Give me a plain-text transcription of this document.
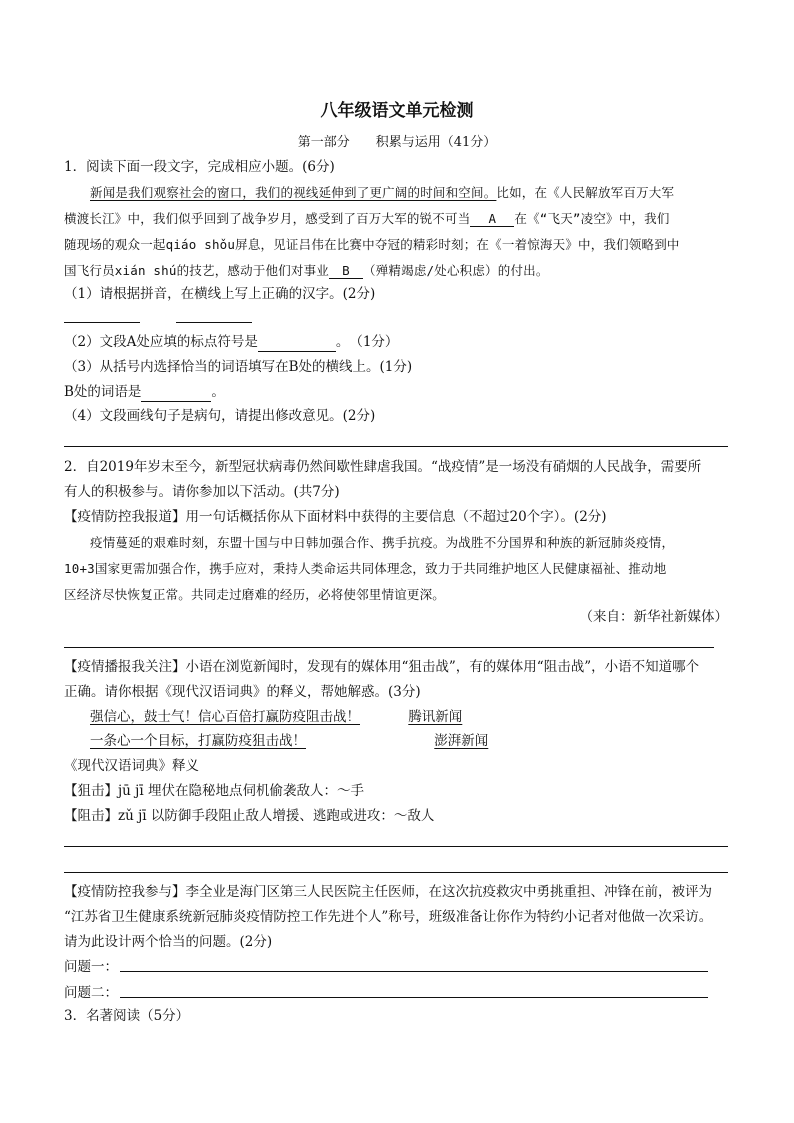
八年级语文单元检测
第一部分　　积累与运用（41分）
1．阅读下面一段文字，完成相应小题。(6分)
新闻是我们观察社会的窗口，我们的视线延伸到了更广阔的时间和空间。比如，在《人民解放军百万大军
横渡长江》中，我们似乎回到了战争岁月，感受到了百万大军的锐不可当 A 在《“飞天”凌空》中，我们
随现场的观众一起qiáo shǒu屏息，见证吕伟在比赛中夺冠的精彩时刻；在《一着惊海天》中，我们领略到中
国飞行员xián shú的技艺，感动于他们对事业 B （殚精竭虑/处心积虑）的付出。
（1）请根据拼音，在横线上写上正确的汉字。(2分)
（2）文段A处应填的标点符号是	。　（1分）
（3）从括号内选择恰当的词语填写在B处的横线上。(1分)
B处的词语是	。
（4）文段画线句子是病句，请提出修改意见。(2分)
2．自2019年岁末至今，新型冠状病毒仍然间歇性肆虐我国。“战疫情”是一场没有硝烟的人民战争，需要所
有人的积极参与。请你参加以下活动。(共7分)
【疫情防控我报道】用一句话概括你从下面材料中获得的主要信息（不超过20个字）。(2分)
疫情蔓延的艰难时刻，东盟十国与中日韩加强合作、携手抗疫。为战胜不分国界和种族的新冠肺炎疫情，
10+3国家更需加强合作，携手应对，秉持人类命运共同体理念，致力于共同维护地区人民健康福祉、推动地
区经济尽快恢复正常。共同走过磨难的经历，必将使邻里情谊更深。
（来自：新华社新媒体）
【疫情播报我关注】小语在浏览新闻时，发现有的媒体用“狙击战”，有的媒体用“阻击战”，小语不知道哪个
正确。请你根据《现代汉语词典》的释义，帮她解惑。(3分)
强信心，鼓士气！信心百倍打赢防疫阻击战！	腾讯新闻
一条心一个目标，打赢防疫狙击战！	澎湃新闻
《现代汉语词典》释义
【狙击】jū jī 埋伏在隐秘地点伺机偷袭敌人：～手
【阻击】zǔ jī 以防御手段阻止敌人增援、逃跑或进攻：～敌人
【疫情防控我参与】李全业是海门区第三人民医院主任医师，在这次抗疫救灾中勇挑重担、冲锋在前，被评为
“江苏省卫生健康系统新冠肺炎疫情防控工作先进个人”称号，班级准备让你作为特约小记者对他做一次采访。
请为此设计两个恰当的问题。(2分)
问题一：
问题二：
3．名著阅读（5分）
